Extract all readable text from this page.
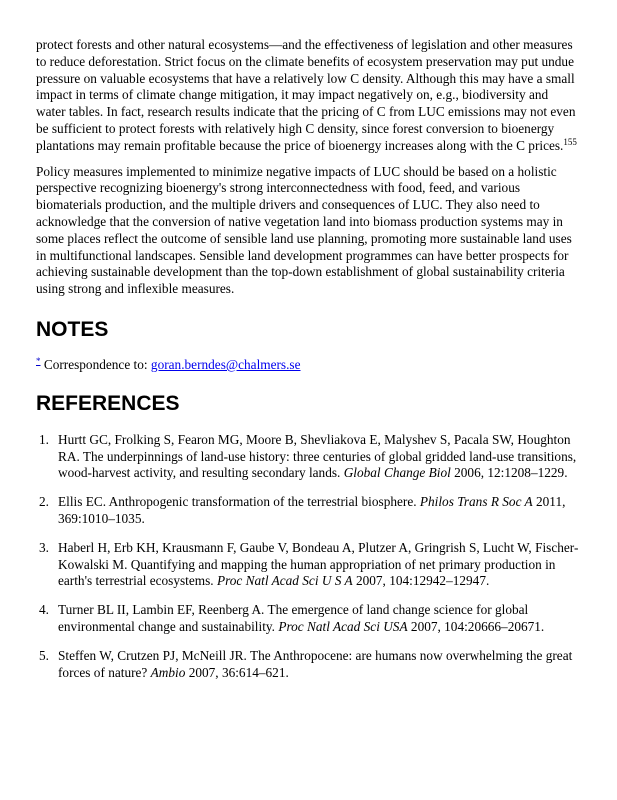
protect forests and other natural ecosystems—and the effectiveness of legislation and other measures to reduce deforestation. Strict focus on the climate benefits of ecosystem preservation may put undue pressure on valuable ecosystems that have a relatively low C density. Although this may have a small impact in terms of climate change mitigation, it may impact negatively on, e.g., biodiversity and water tables. In fact, research results indicate that the pricing of C from LUC emissions may not even be sufficient to protect forests with relatively high C density, since forest conversion to bioenergy plantations may remain profitable because the price of bioenergy increases along with the C prices.$^{155}$

Policy measures implemented to minimize negative impacts of LUC should be based on a holistic perspective recognizing bioenergy's strong interconnectedness with food, feed, and various biomaterials production, and the multiple drivers and consequences of LUC. They also need to acknowledge that the conversion of native vegetation land into biomass production systems may in some places reflect the outcome of sensible land use planning, promoting more sustainable land uses in multifunctional landscapes. Sensible land development programmes can have better prospects for achieving sustainable development than the top-down establishment of global sustainability criteria using strong and inflexible measures.

NOTES

* Correspondence to: goran.berndes@chalmers.se

REFERENCES
1. Hurtt GC, Frolking S, Fearon MG, Moore B, Shevliakova E, Malyshev S, Pacala SW, Houghton RA. The underpinnings of land-use history: three centuries of global gridded land-use transitions, wood-harvest activity, and resulting secondary lands. Global Change Biol 2006, 12:1208–1229.
2. Ellis EC. Anthropogenic transformation of the terrestrial biosphere. Philos Trans R Soc A 2011, 369:1010–1035.
3. Haberl H, Erb KH, Krausmann F, Gaube V, Bondeau A, Plutzer A, Gringrish S, Lucht W, Fischer-Kowalski M. Quantifying and mapping the human appropriation of net primary production in earth's terrestrial ecosystems. Proc Natl Acad Sci U S A 2007, 104:12942–12947.
4. Turner BL II, Lambin EF, Reenberg A. The emergence of land change science for global environmental change and sustainability. Proc Natl Acad Sci USA 2007, 104:20666–20671.
5. Steffen W, Crutzen PJ, McNeill JR. The Anthropocene: are humans now overwhelming the great forces of nature? Ambio 2007, 36:614–621.
